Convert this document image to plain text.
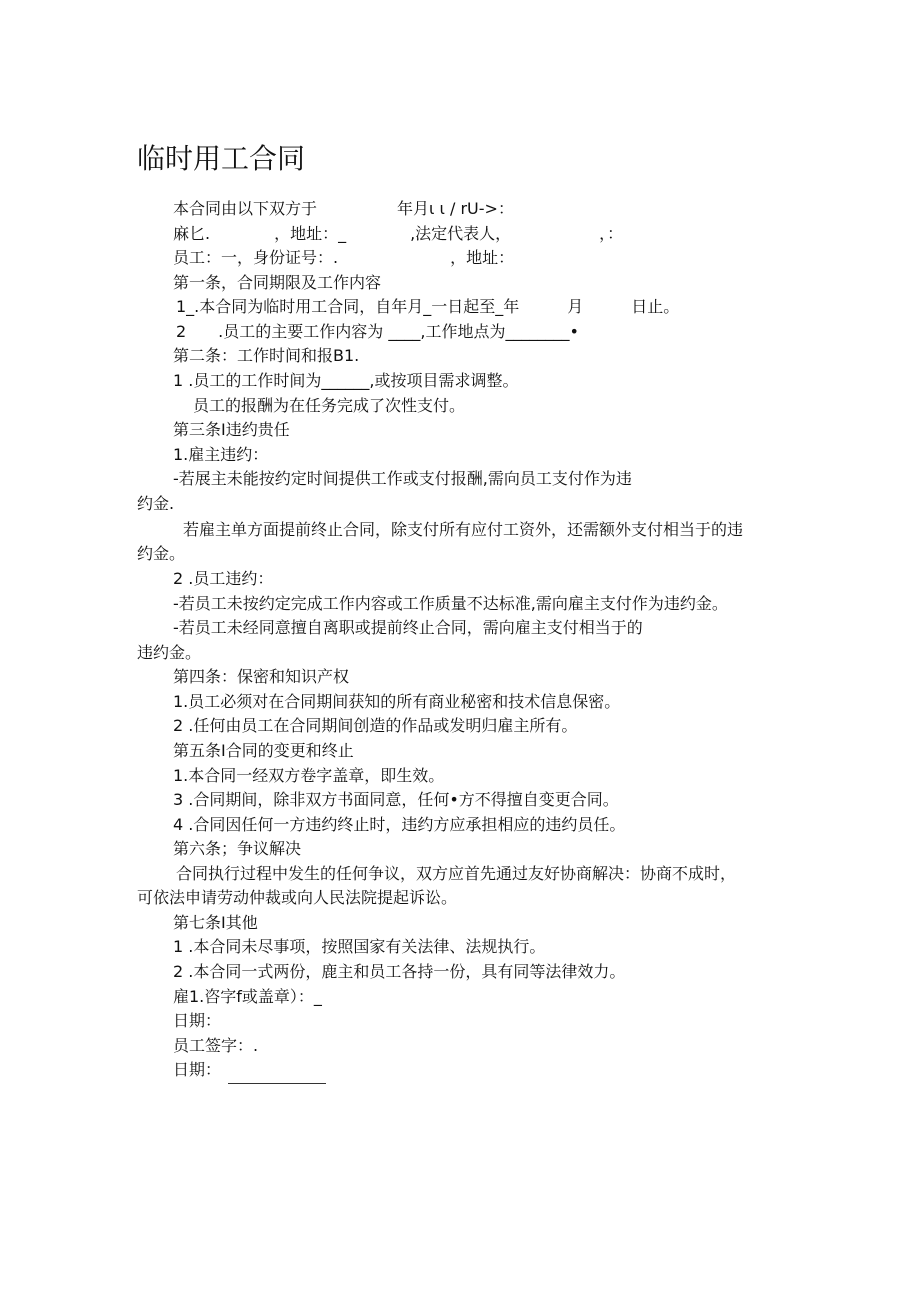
临时用工合同
本合同由以下双方于　　　　　年月ι ι / rU->：
麻匕.　　　　，地址：_　　　　,法定代表人，　　　　　　，：
员工：一，身份证号：.　　　　　　　，地址：
第一条，合同期限及工作内容
1_.本合同为临时用工合同，自年月_一日起至_年　　　月　　　日止。
2　　.员工的主要工作内容为 ____,工作地点为________•
第二条：工作时间和报B1.
1 .员工的工作时间为______,或按项目需求调整。
员工的报酬为在任务完成了次性支付。
第三条I违约贵任
1.雇主违约：
-若展主未能按约定时间提供工作或支付报酬,需向员工支付作为违
约金.
若雇主单方面提前终止合同，除支付所有应付工资外，还需额外支付相当于的违
约金。
2 .员工违约：
-若员工未按约定完成工作内容或工作质量不达标准,需向雇主支付作为违约金。
-若员工未经同意擅自离职或提前终止合同，需向雇主支付相当于的
违约金。
第四条：保密和知识产权
1.员工必须对在合同期间获知的所有商业秘密和技术信息保密。
2 .任何由员工在合同期间创造的作品或发明归雇主所有。
第五条I合同的变更和终止
1.本合同一经双方卷字盖章，即生效。
3 .合同期间，除非双方书面同意，任何•方不得擅自变更合同。
4 .合同因任何一方违约终止时，违约方应承担相应的违约员任。
第六条；争议解决
合同执行过程中发生的任何争议，双方应首先通过友好协商解决：协商不成时，
可依法申请劳动仲裁或向人民法院提起诉讼。
第七条I其他
1 .本合同未尽事项，按照国家有关法律、法规执行。
2 .本合同一式两份，鹿主和员工各持一份，具有同等法律效力。
雇1.咨字f或盖章）：_
日期：
员工签字：.
日期：
